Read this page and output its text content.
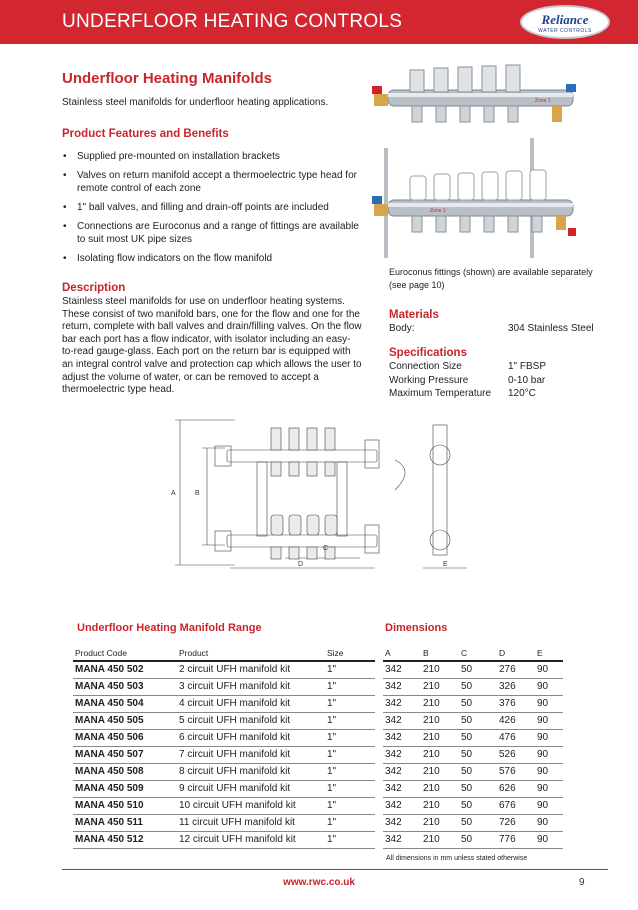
UNDERFLOOR HEATING CONTROLS	Reliance
WATER CONTROLS
Underfloor Heating Manifolds
Stainless steel manifolds for underfloor heating applications.
Product Features and Benefits
• Supplied pre-mounted on installation brackets
• Valves on return manifold accept a thermoelectric type head for remote control of each zone
• 1" ball valves, and filling and drain-off points are included
• Connections are Euroconus and a range of fittings are available to suit most UK pipe sizes
• Isolating flow indicators on the flow manifold
Description
Stainless steel manifolds for use on underfloor heating systems. These consist of two manifold bars, one for the flow and one for the return, complete with ball valves and drain/filling valves. On the flow bar each port has a flow indicator, with isolator including an easy-to-read gauge-glass. Each port on the return bar is equipped with an integral control valve and protection cap which allows the user to adjust the volume of water, or can be removed to accept a thermoelectric type head.
Zone 1
Zone 1
Euroconus fittings (shown) are available separately (see page 10)
Materials
Body:	304 Stainless Steel
Specifications
Connection Size	1" FBSP
Working Pressure	0-10 bar
Maximum Temperature 120°C
A	B
C
D	E
Underfloor Heating Manifold Range	Dimensions
Product Code	Product	Size
MANA 450 502	2 circuit UFH manifold kit	1"
MANA 450 503	3 circuit UFH manifold kit	1"
MANA 450 504	4 circuit UFH manifold kit	1"
MANA 450 505	5 circuit UFH manifold kit	1"
MANA 450 506	6 circuit UFH manifold kit	1"
MANA 450 507	7 circuit UFH manifold kit	1"
MANA 450 508	8 circuit UFH manifold kit	1"
MANA 450 509	9 circuit UFH manifold kit	1"
MANA 450 510	10 circuit UFH manifold kit	1"
MANA 450 511	11 circuit UFH manifold kit	1"
MANA 450 512	12 circuit UFH manifold kit	1"
A	B	C	D	E
342	210	50	276	90
342	210	50	326	90
342	210	50	376	90
342	210	50	426	90
342	210	50	476	90
342	210	50	526	90
342	210	50	576	90
342	210	50	626	90
342	210	50	676	90
342	210	50	726	90
342	210	50	776	90
All dimensions in mm unless stated otherwise
www.rwc.co.uk	9
